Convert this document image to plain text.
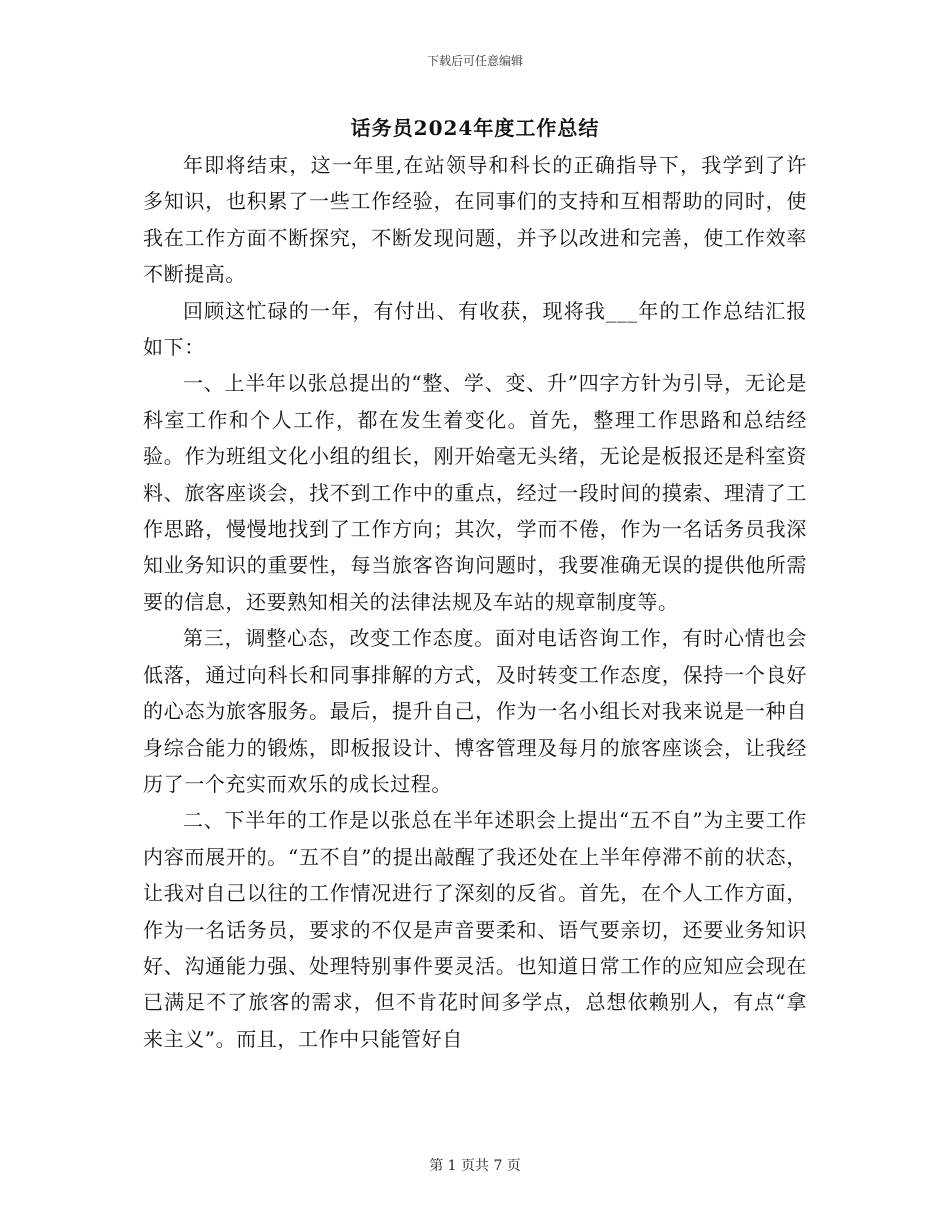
下载后可任意编辑
话务员2024年度工作总结

年即将结束，这一年里,在站领导和科长的正确指导下，我学到了许多知识，也积累了一些工作经验，在同事们的支持和互相帮助的同时，使我在工作方面不断探究，不断发现问题，并予以改进和完善，使工作效率不断提高。

回顾这忙碌的一年，有付出、有收获，现将我___年的工作总结汇报如下：

一、上半年以张总提出的“整、学、变、升”四字方针为引导，无论是科室工作和个人工作，都在发生着变化。首先，整理工作思路和总结经验。作为班组文化小组的组长，刚开始毫无头绪，无论是板报还是科室资料、旅客座谈会，找不到工作中的重点，经过一段时间的摸索、理清了工作思路，慢慢地找到了工作方向；其次，学而不倦，作为一名话务员我深知业务知识的重要性，每当旅客咨询问题时，我要准确无误的提供他所需要的信息，还要熟知相关的法律法规及车站的规章制度等。

第三，调整心态，改变工作态度。面对电话咨询工作，有时心情也会低落，通过向科长和同事排解的方式，及时转变工作态度，保持一个良好的心态为旅客服务。最后，提升自己，作为一名小组长对我来说是一种自身综合能力的锻炼，即板报设计、博客管理及每月的旅客座谈会，让我经历了一个充实而欢乐的成长过程。

二、下半年的工作是以张总在半年述职会上提出“五不自”为主要工作内容而展开的。“五不自”的提出敲醒了我还处在上半年停滞不前的状态，让我对自己以往的工作情况进行了深刻的反省。首先，在个人工作方面，作为一名话务员，要求的不仅是声音要柔和、语气要亲切，还要业务知识好、沟通能力强、处理特别事件要灵活。也知道日常工作的应知应会现在已满足不了旅客的需求，但不肯花时间多学点，总想依赖别人，有点“拿来主义”。而且，工作中只能管好自

第 1 页共 7 页
